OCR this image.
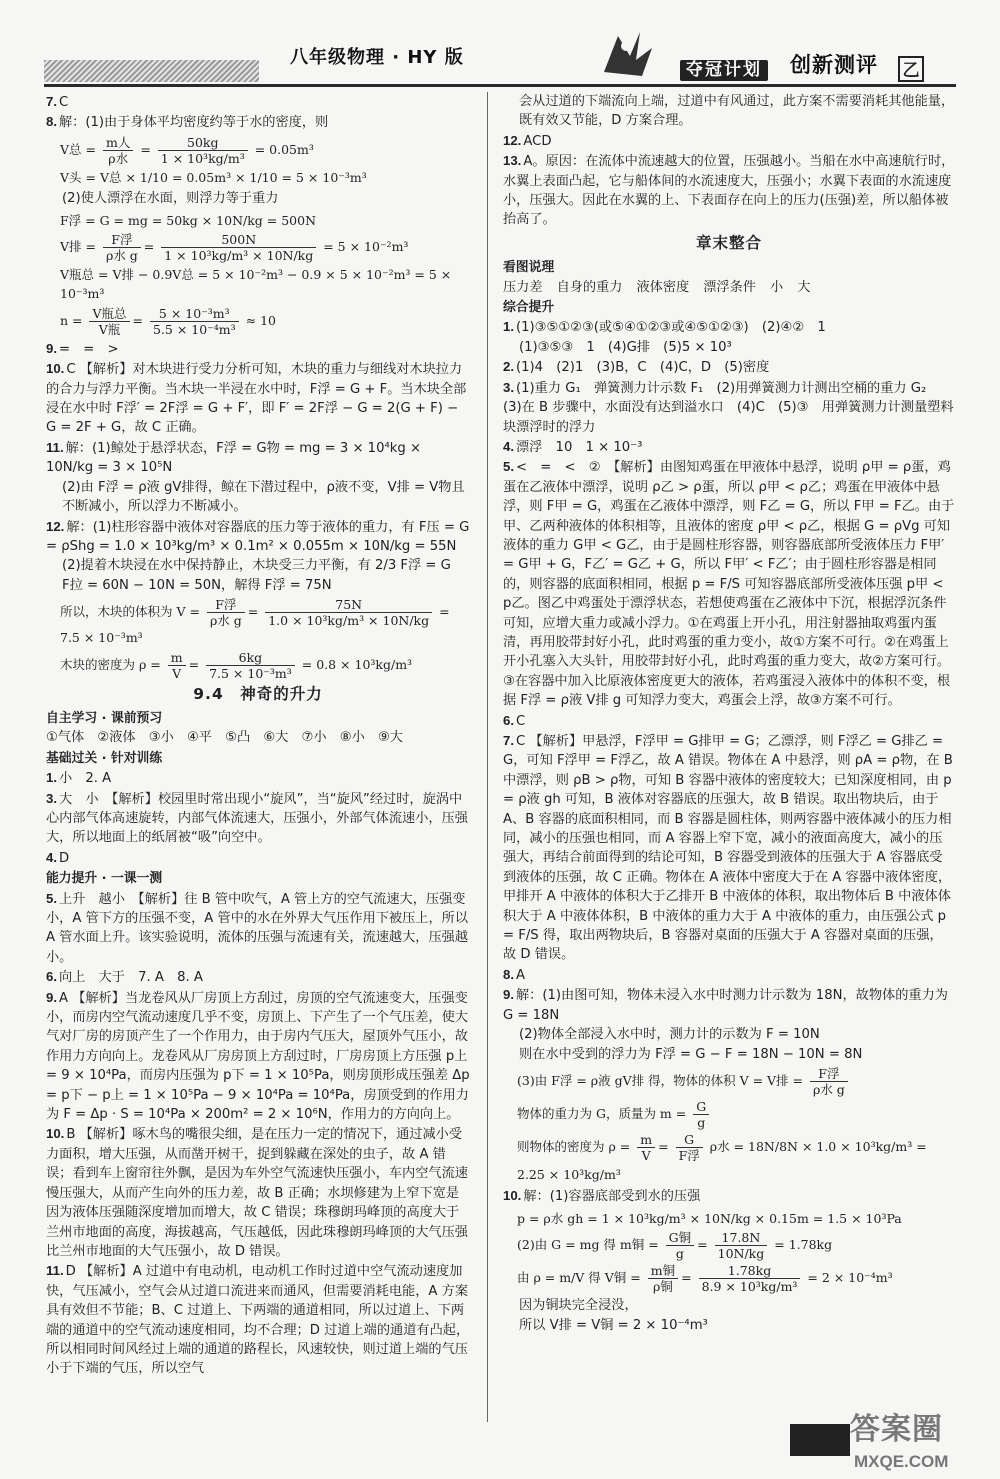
八年级物理 · HY 版
夺冠计划 创新测评 乙
7. C
8. 解：(1)由于身体平均密度约等于水的密度，则
V总 = $\frac{\text{m人}}{\text{ρ水}} = \frac{50kg}{\text{1 × 10³kg/m³}} = 0.05m^3$
V头 = V总 × 1/10 = 0.05m³ × 1/10 = 5 × 10⁻³m³
(2)使人漂浮在水面，则浮力等于重力
F浮 = G = mg = 50kg × 10N/kg = 500N
V排 = $\frac{\text{F浮}}{\text{ρ水 g}} = \frac{500N}{\text{1 × 10³kg/m³ × 10N/kg}} = 5 \times 10^{-2}m^3$
V瓶总 = V排 − 0.9V总 = 5 × 10⁻²m³ − 0.9 × 5 × 10⁻²m³ = 5 × 10⁻³m³
$n = \frac{\text{V瓶总}}{\text{V瓶}} = \frac{\text{5 × 10⁻³m³}}{\text{5.5 × 10⁻⁴m³}} \approx 10$
9. =　=　>
10. C 【解析】对木块进行受力分析可知，木块的重力与细线对木块拉力的合力与浮力平衡。当木块一半浸在水中时，F浮 = G + F。当木块全部浸在水中时 F浮′ = 2F浮 = G + F′，即 F′ = 2F浮 − G = 2(G + F) − G = 2F + G，故 C 正确。
11. 解：(1)鲸处于悬浮状态，F浮 = G物 = mg = 3 × 10⁴kg × 10N/kg = 3 × 10⁵N
(2)由 F浮 = ρ液 gV排得，鲸在下潜过程中，ρ液不变，V排 = V物且不断减小，所以浮力不断减小。
12. 解：(1)柱形容器中液体对容器底的压力等于液体的重力，有 F压 = G = ρShg = 1.0 × 10³kg/m³ × 0.1m² × 0.055m × 10N/kg = 55N
(2)提着木块浸在水中保持静止，木块受三力平衡，有 2/3 F浮 = G
F拉 = 60N − 10N = 50N，解得 F浮 = 75N
所以，木块的体积为 $V = \frac{\text{F浮}}{\text{ρ水 g}} = \frac{75N}{\text{1.0 × 10³kg/m³ × 10N/kg}} = 7.5 \times 10^{-3}m^3$
木块的密度为 $\rho = \frac{m}{V} = \frac{6kg}{\text{7.5 × 10⁻³m³}} = 0.8 \times 10^3kg/m^3$
9.4　神奇的升力
自主学习 · 课前预习
①气体　②液体　③小　④平　⑤凸　⑥大　⑦小　⑧小　⑨大
基础过关 · 针对训练
1. 小　2. A
3. 大　小　【解析】校园里时常出现小“旋风”，当“旋风”经过时，旋涡中心内部气体高速旋转，内部气体流速大，压强小，外部气体流速小，压强大，所以地面上的纸屑被“吸”向空中。
4. D
能力提升 · 一课一测
5. 上升　越小　【解析】往 B 管中吹气，A 管上方的空气流速大，压强变小，A 管下方的压强不变，A 管中的水在外界大气压作用下被压上，所以 A 管水面上升。该实验说明，流体的压强与流速有关，流速越大，压强越小。
6. 向上　大于　7. A　8. A
9. A 【解析】当龙卷风从厂房顶上方刮过，房顶的空气流速变大，压强变小，而房内空气流动速度几乎不变，房顶上、下产生了一个气压差，使大气对厂房的房顶产生了一个作用力，由于房内气压大，屋顶外气压小，故作用力方向向上。龙卷风从厂房房顶上方刮过时，厂房房顶上方压强 p上 = 9 × 10⁴Pa，而房内压强为 p下 = 1 × 10⁵Pa，则房顶形成压强差 Δp = p下 − p上 = 1 × 10⁵Pa − 9 × 10⁴Pa = 10⁴Pa，房顶受到的作用力为 F = Δp · S = 10⁴Pa × 200m² = 2 × 10⁶N，作用力的方向向上。
10. B 【解析】啄木鸟的嘴很尖细，是在压力一定的情况下，通过减小受力面积，增大压强，从而凿开树干，捉到躲藏在深处的虫子，故 A 错误；看到车上窗帘往外飘，是因为车外空气流速快压强小，车内空气流速慢压强大，从而产生向外的压力差，故 B 正确；水坝修建为上窄下宽是因为液体压强随深度增加而增大，故 C 错误；珠穆朗玛峰顶的高度大于兰州市地面的高度，海拔越高，气压越低，因此珠穆朗玛峰顶的大气压强比兰州市地面的大气压强小，故 D 错误。
11. D 【解析】A 过道中有电动机，电动机工作时过道中空气流动速度加快，气压减小，空气会从过道口流进来而通风，但需要消耗电能，A 方案具有效但不节能；B、C 过道上、下两端的通道相同，所以过道上、下两端的通道中的空气流动速度相同，均不合理；D 过道上端的通道有凸起，所以相同时间风经过上端的通道的路程长，风速较快，则过道上端的气压小于下端的气压，所以空气
会从过道的下端流向上端，过道中有风通过，此方案不需要消耗其他能量，既有效又节能，D 方案合理。
12. ACD
13. A。原因：在流体中流速越大的位置，压强越小。当船在水中高速航行时，水翼上表面凸起，它与船体间的水流速度大，压强小；水翼下表面的水流速度小，压强大。因此在水翼的上、下表面存在向上的压力(压强)差，所以船体被抬高了。
章末整合
看图说理
压力差 自身的重力 液体密度 漂浮条件 小 大
综合提升
1. (1)③⑤①②③(或⑤④①②③或④⑤①②③)　(2)④②　1
(1)③⑤③　1　(4)G排　(5)5 × 10³
2. (1)4　(2)1　(3)B，C　(4)C，D　(5)密度
3. (1)重力 G₁　弹簧测力计示数 F₁　(2)用弹簧测力计测出空桶的重力 G₂　(3)在 B 步骤中，水面没有达到溢水口　(4)C　(5)③　用弹簧测力计测量塑料块漂浮时的浮力
4. 漂浮　10　1 × 10⁻³
5. <　=　<　②　【解析】由图知鸡蛋在甲液体中悬浮，说明 ρ甲 = ρ蛋，鸡蛋在乙液体中漂浮，说明 ρ乙 > ρ蛋，所以 ρ甲 < ρ乙；鸡蛋在甲液体中悬浮，则 F甲 = G，鸡蛋在乙液体中漂浮，则 F乙 = G，所以 F甲 = F乙。由于甲、乙两种液体的体积相等，且液体的密度 ρ甲 < ρ乙，根据 G = ρVg 可知液体的重力 G甲 < G乙，由于是圆柱形容器，则容器底部所受液体压力 F甲′ = G甲 + G，F乙′ = G乙 + G，所以 F甲′ < F乙′；由于圆柱形容器是相同的，则容器的底面积相同，根据 p = F/S 可知容器底部所受液体压强 p甲 < p乙。图乙中鸡蛋处于漂浮状态，若想使鸡蛋在乙液体中下沉，根据浮沉条件可知，应增大重力或减小浮力。①在鸡蛋上开小孔，用注射器抽取鸡蛋内蛋清，再用胶带封好小孔，此时鸡蛋的重力变小，故①方案不可行。②在鸡蛋上开小孔塞入大头针，用胶带封好小孔，此时鸡蛋的重力变大，故②方案可行。③在容器中加入比原液体密度更大的液体，若鸡蛋浸入液体中的体积不变，根据 F浮 = ρ液 V排 g 可知浮力变大，鸡蛋会上浮，故③方案不可行。
6. C
7. C 【解析】甲悬浮，F浮甲 = G排甲 = G；乙漂浮，则 F浮乙 = G排乙 = G，可知 F浮甲 = F浮乙，故 A 错误。物体在 A 中悬浮，则 ρA = ρ物，在 B 中漂浮，则 ρB > ρ物，可知 B 容器中液体的密度较大；已知深度相同，由 p = ρ液 gh 可知，B 液体对容器底的压强大，故 B 错误。取出物块后，由于 A、B 容器的底面积相同，而 B 容器是圆柱体，则两容器中液体减小的压力相同，减小的压强也相同，而 A 容器上窄下宽，减小的液面高度大，减小的压强大，再结合前面得到的结论可知，B 容器受到液体的压强大于 A 容器底受到液体的压强，故 C 正确。物体在 A 液体中密度大于在 A 容器中液体密度，甲排开 A 中液体的体积大于乙排开 B 中液体的体积，取出物体后 B 中液体体积大于 A 中液体体积，B 中液体的重力大于 A 中液体的重力，由压强公式 p = F/S 得，取出两物块后，B 容器对桌面的压强大于 A 容器对桌面的压强，故 D 错误。
8. A
9. 解：(1)由图可知，物体未浸入水中时测力计示数为 18N，故物体的重力为 G = 18N
(2)物体全部浸入水中时，测力计的示数为 F = 10N
则在水中受到的浮力为 F浮 = G − F = 18N − 10N = 8N
(3)由 F浮 = ρ液 gV排 得，物体的体积 V = V排 = $\frac{\text{F浮}}{\text{ρ水 g}}$
物体的重力为 G，质量为 $m = \frac{G}{g}$
则物体的密度为 $\rho = \frac{m}{V} = \frac{G}{\text{F浮}}$ ρ水 = 18N/8N × 1.0 × 10³kg/m³ =
2.25 × 10³kg/m³
10. 解：(1)容器底部受到水的压强
p = ρ水 gh = 1 × 10³kg/m³ × 10N/kg × 0.15m = 1.5 × 10³Pa
(2)由 G = mg 得 m铜 = $\frac{\text{G铜}}{g} = \frac{17.8N}{10N/kg} = 1.78kg$
由 ρ = m/V 得 V铜 = $\frac{\text{m铜}}{\text{ρ铜}} = \frac{1.78kg}{\text{8.9 × 10³kg/m³}} = 2 \times 10^{-4}m^3$
因为铜块完全浸没，
所以 V排 = V铜 = 2 × 10⁻⁴m³
答案圈
MXQE.COM
